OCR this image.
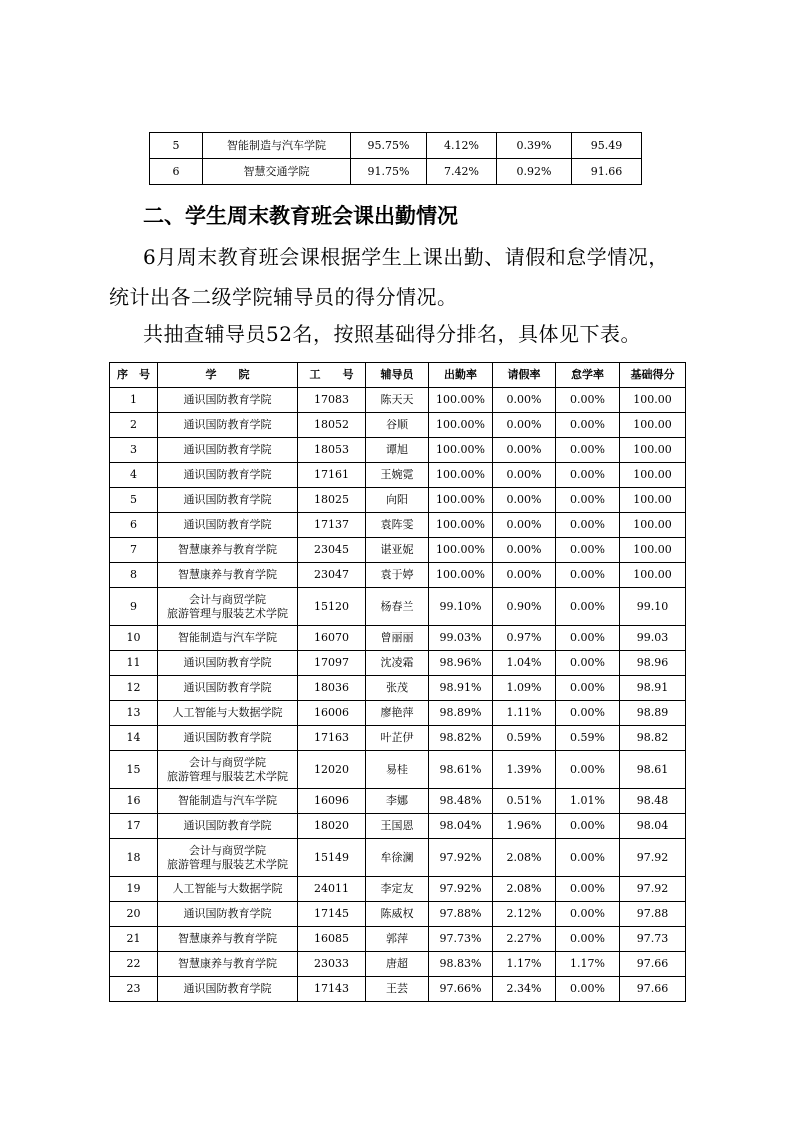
5	智能制造与汽车学院	95.75%	4.12%	0.39%	95.49
6	智慧交通学院	91.75%	7.42%	0.92%	91.66
二、学生周末教育班会课出勤情况
6月周末教育班会课根据学生上课出勤、请假和怠学情况，
统计出各二级学院辅导员的得分情况。
共抽查辅导员52名，按照基础得分排名，具体见下表。
序　号	学　　院	工　　号	辅导员	出勤率	请假率	怠学率	基础得分
1	通识国防教育学院	17083	陈天天	100.00%	0.00%	0.00%	100.00
2	通识国防教育学院	18052	谷顺	100.00%	0.00%	0.00%	100.00
3	通识国防教育学院	18053	谭旭	100.00%	0.00%	0.00%	100.00
4	通识国防教育学院	17161	王婉霓	100.00%	0.00%	0.00%	100.00
5	通识国防教育学院	18025	向阳	100.00%	0.00%	0.00%	100.00
6	通识国防教育学院	17137	袁阵雯	100.00%	0.00%	0.00%	100.00
7	智慧康养与教育学院	23045	谌亚妮	100.00%	0.00%	0.00%	100.00
8	智慧康养与教育学院	23047	袁于婷	100.00%	0.00%	0.00%	100.00
9	会计与商贸学院
旅游管理与服装艺术学院	15120	杨春兰	99.10%	0.90%	0.00%	99.10
10	智能制造与汽车学院	16070	曾丽丽	99.03%	0.97%	0.00%	99.03
11	通识国防教育学院	17097	沈凌霜	98.96%	1.04%	0.00%	98.96
12	通识国防教育学院	18036	张茂	98.91%	1.09%	0.00%	98.91
13	人工智能与大数据学院	16006	廖艳萍	98.89%	1.11%	0.00%	98.89
14	通识国防教育学院	17163	叶芷伊	98.82%	0.59%	0.59%	98.82
15	会计与商贸学院
旅游管理与服装艺术学院	12020	易桂	98.61%	1.39%	0.00%	98.61
16	智能制造与汽车学院	16096	李娜	98.48%	0.51%	1.01%	98.48
17	通识国防教育学院	18020	王国恩	98.04%	1.96%	0.00%	98.04
18	会计与商贸学院
旅游管理与服装艺术学院	15149	牟徐澜	97.92%	2.08%	0.00%	97.92
19	人工智能与大数据学院	24011	李定友	97.92%	2.08%	0.00%	97.92
20	通识国防教育学院	17145	陈威权	97.88%	2.12%	0.00%	97.88
21	智慧康养与教育学院	16085	郭萍	97.73%	2.27%	0.00%	97.73
22	智慧康养与教育学院	23033	唐超	98.83%	1.17%	1.17%	97.66
23	通识国防教育学院	17143	王芸	97.66%	2.34%	0.00%	97.66
